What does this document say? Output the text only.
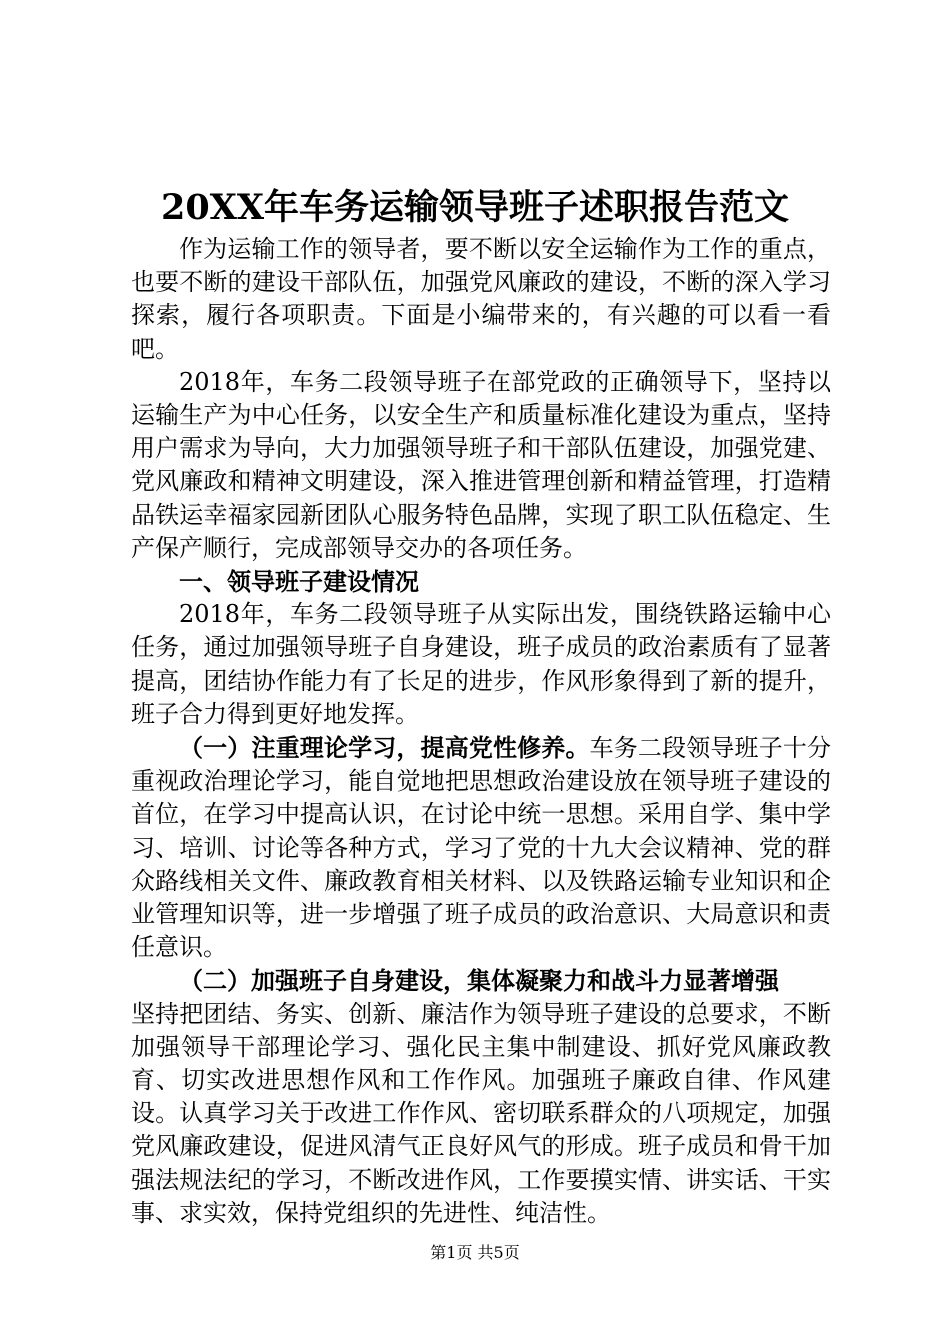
20XX年车务运输领导班子述职报告范文

作为运输工作的领导者，要不断以安全运输作为工作的重点，也要不断的建设干部队伍，加强党风廉政的建设，不断的深入学习探索，履行各项职责。下面是小编带来的，有兴趣的可以看一看吧。

2018年，车务二段领导班子在部党政的正确领导下，坚持以运输生产为中心任务，以安全生产和质量标准化建设为重点，坚持用户需求为导向，大力加强领导班子和干部队伍建设，加强党建、党风廉政和精神文明建设，深入推进管理创新和精益管理，打造精品铁运幸福家园新团队心服务特色品牌，实现了职工队伍稳定、生产保产顺行，完成部领导交办的各项任务。

一、领导班子建设情况

2018年，车务二段领导班子从实际出发，围绕铁路运输中心任务，通过加强领导班子自身建设，班子成员的政治素质有了显著提高，团结协作能力有了长足的进步，作风形象得到了新的提升，班子合力得到更好地发挥。

（一）注重理论学习，提高党性修养。车务二段领导班子十分重视政治理论学习，能自觉地把思想政治建设放在领导班子建设的首位，在学习中提高认识，在讨论中统一思想。采用自学、集中学习、培训、讨论等各种方式，学习了党的十九大会议精神、党的群众路线相关文件、廉政教育相关材料、以及铁路运输专业知识和企业管理知识等，进一步增强了班子成员的政治意识、大局意识和责任意识。

（二）加强班子自身建设，集体凝聚力和战斗力显著增强

坚持把团结、务实、创新、廉洁作为领导班子建设的总要求，不断加强领导干部理论学习、强化民主集中制建设、抓好党风廉政教育、切实改进思想作风和工作作风。加强班子廉政自律、作风建设。认真学习关于改进工作作风、密切联系群众的八项规定，加强党风廉政建设，促进风清气正良好风气的形成。班子成员和骨干加强法规法纪的学习，不断改进作风，工作要摸实情、讲实话、干实事、求实效，保持党组织的先进性、纯洁性。

第1页 共5页
